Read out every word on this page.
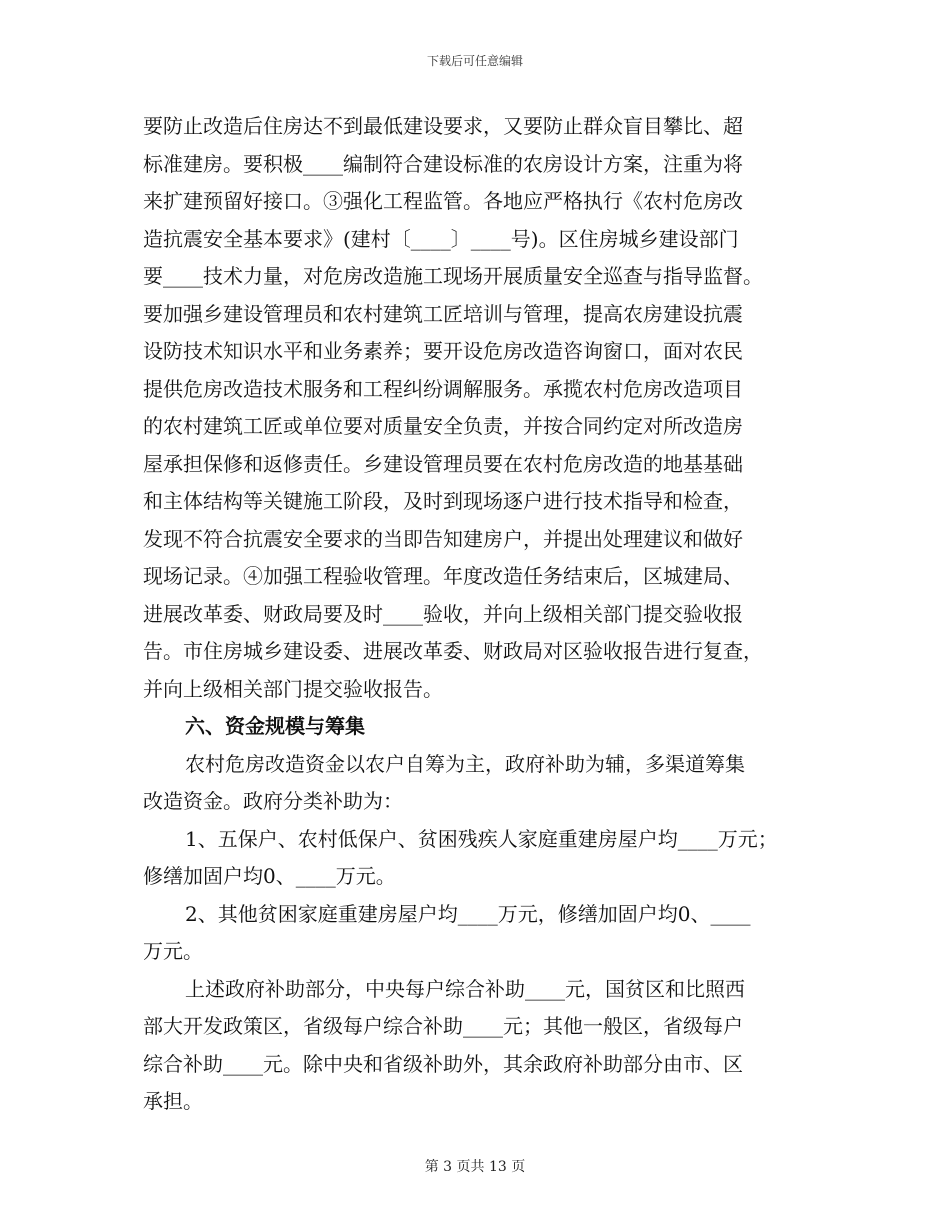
下载后可任意编辑
要防止改造后住房达不到最低建设要求，又要防止群众盲目攀比、超
标准建房。要积极____编制符合建设标准的农房设计方案，注重为将
来扩建预留好接口。③强化工程监管。各地应严格执行《农村危房改
造抗震安全基本要求》(建村〔____〕____号)。区住房城乡建设部门
要____技术力量，对危房改造施工现场开展质量安全巡查与指导监督。
要加强乡建设管理员和农村建筑工匠培训与管理，提高农房建设抗震
设防技术知识水平和业务素养；要开设危房改造咨询窗口，面对农民
提供危房改造技术服务和工程纠纷调解服务。承揽农村危房改造项目
的农村建筑工匠或单位要对质量安全负责，并按合同约定对所改造房
屋承担保修和返修责任。乡建设管理员要在农村危房改造的地基基础
和主体结构等关键施工阶段，及时到现场逐户进行技术指导和检查，
发现不符合抗震安全要求的当即告知建房户，并提出处理建议和做好
现场记录。④加强工程验收管理。年度改造任务结束后，区城建局、
进展改革委、财政局要及时____验收，并向上级相关部门提交验收报
告。市住房城乡建设委、进展改革委、财政局对区验收报告进行复查，
并向上级相关部门提交验收报告。
六、资金规模与筹集
农村危房改造资金以农户自筹为主，政府补助为辅，多渠道筹集
改造资金。政府分类补助为：
1、五保户、农村低保户、贫困残疾人家庭重建房屋户均____万元；
修缮加固户均0、____万元。
2、其他贫困家庭重建房屋户均____万元，修缮加固户均0、____
万元。
上述政府补助部分，中央每户综合补助____元，国贫区和比照西
部大开发政策区，省级每户综合补助____元；其他一般区，省级每户
综合补助____元。除中央和省级补助外，其余政府补助部分由市、区
承担。
第 3 页共 13 页
